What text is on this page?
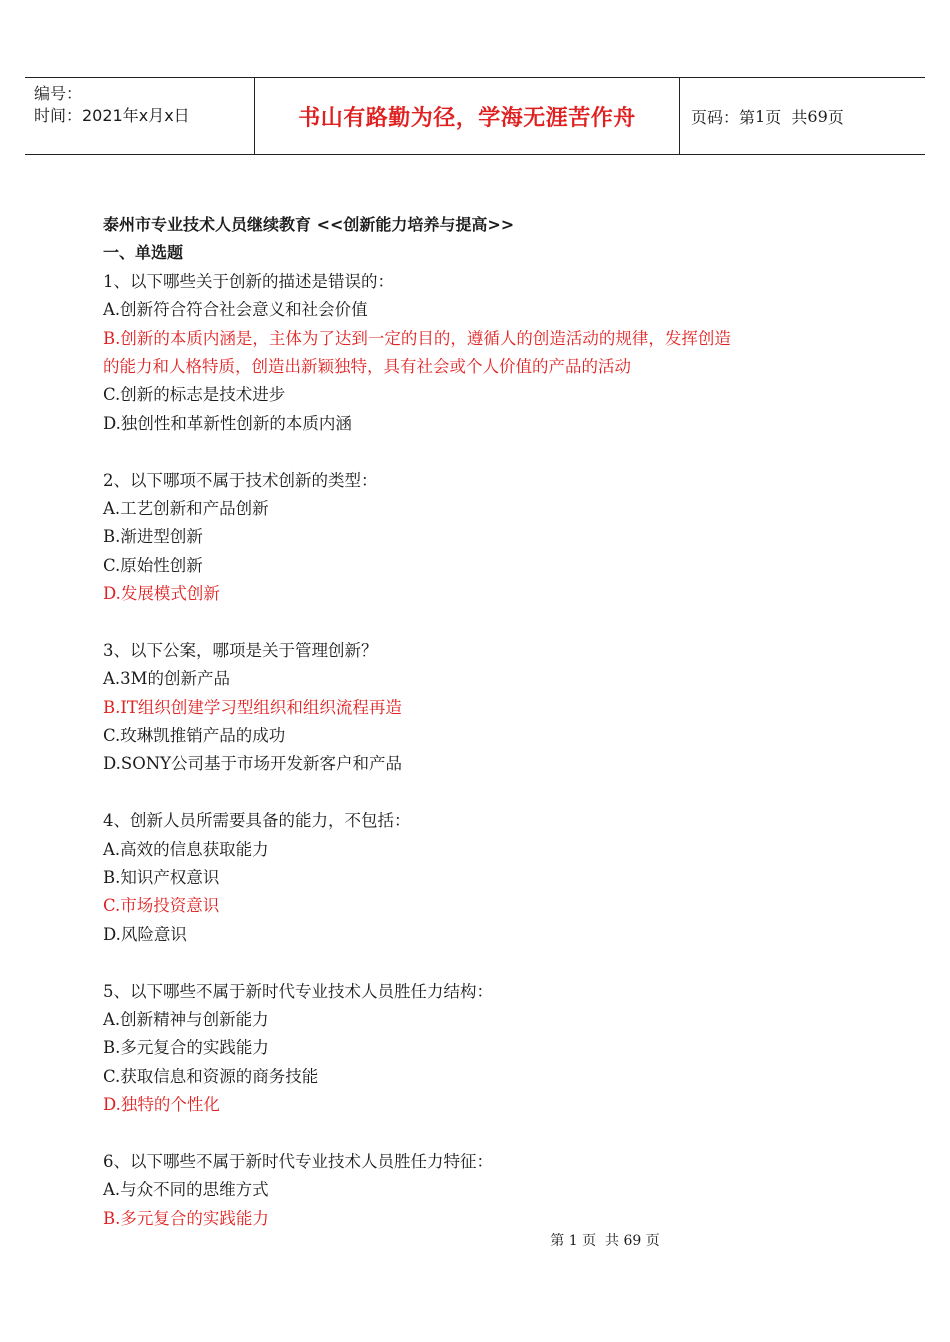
编号：
时间：2021年x月x日	书山有路勤为径，学海无涯苦作舟	页码：第 1 页  共 69 页
泰州市专业技术人员继续教育 <<创新能力培养与提高>>
一、单选题
1、以下哪些关于创新的描述是错误的：
A.创新符合符合社会意义和社会价值
B.创新的本质内涵是，主体为了达到一定的目的，遵循人的创造活动的规律，发挥创造
的能力和人格特质，创造出新颖独特，具有社会或个人价值的产品的活动
C.创新的标志是技术进步
D.独创性和革新性创新的本质内涵
2、以下哪项不属于技术创新的类型：
A.工艺创新和产品创新
B.渐进型创新
C.原始性创新
D.发展模式创新
3、以下公案，哪项是关于管理创新？
A.3M的创新产品
B.IT组织创建学习型组织和组织流程再造
C.玫琳凯推销产品的成功
D.SONY公司基于市场开发新客户和产品
4、创新人员所需要具备的能力，不包括：
A.高效的信息获取能力
B.知识产权意识
C.市场投资意识
D.风险意识
5、以下哪些不属于新时代专业技术人员胜任力结构：
A.创新精神与创新能力
B.多元复合的实践能力
C.获取信息和资源的商务技能
D.独特的个性化
6、以下哪些不属于新时代专业技术人员胜任力特征：
A.与众不同的思维方式
B.多元复合的实践能力
第 1 页  共 69 页
